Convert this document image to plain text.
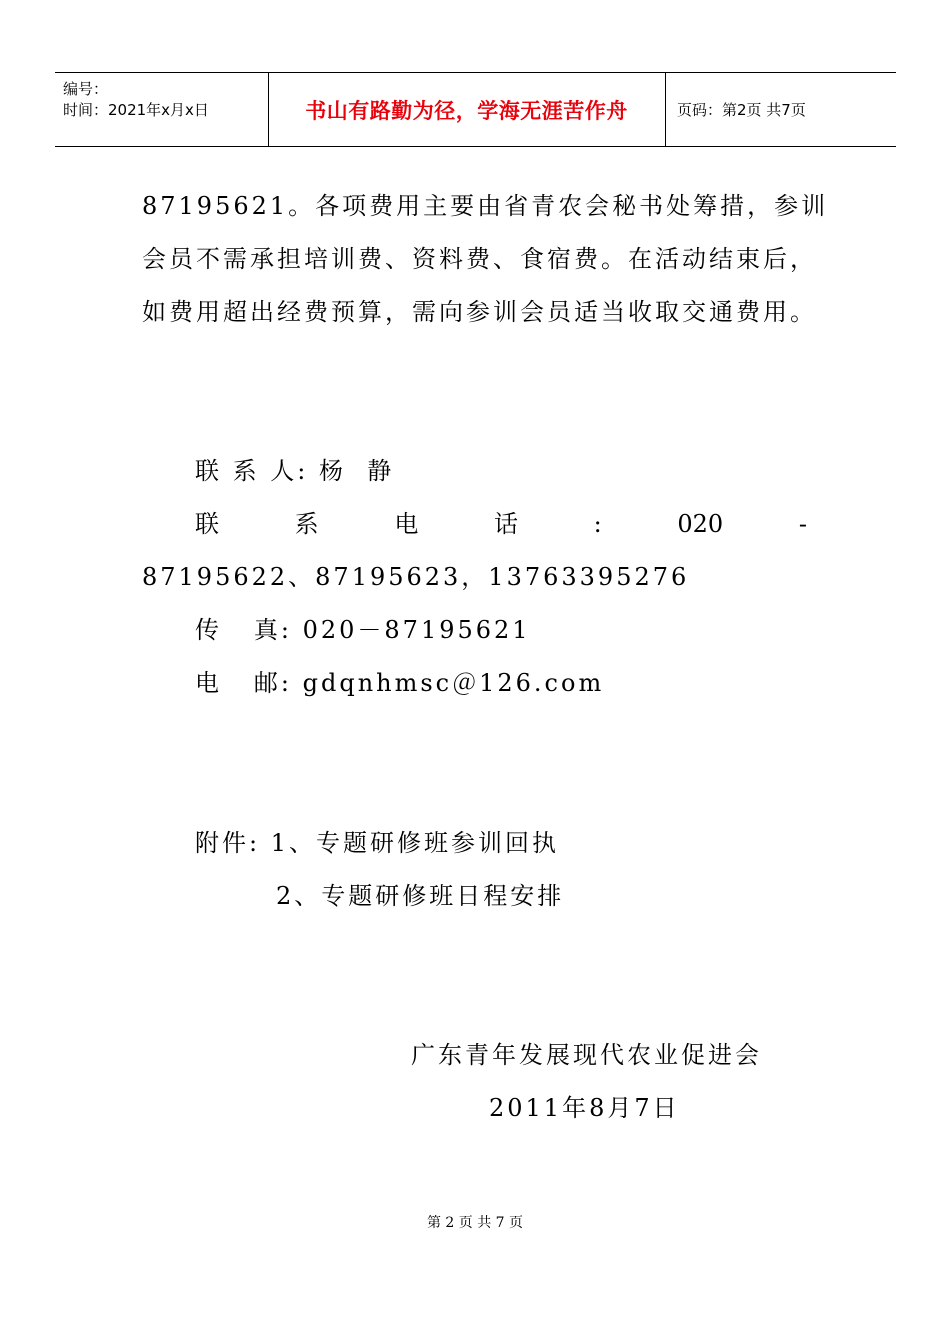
编号：
时间：2021年x月x日	书山有路勤为径，学海无涯苦作舟	页码：第2页 共7页
87195621。各项费用主要由省青农会秘书处筹措，参训
会员不需承担培训费、资料费、食宿费。在活动结束后，
如费用超出经费预算，需向参训会员适当收取交通费用。
联 系 人: 杨  静
联	系	电	话	:	020	-
87195622、87195623，13763395276
传   真: 020－87195621
电   邮: gdqnhmsc＠126.com
附件: 1、专题研修班参训回执
2、专题研修班日程安排
广东青年发展现代农业促进会
2011年8月7日
第 2 页 共 7 页
